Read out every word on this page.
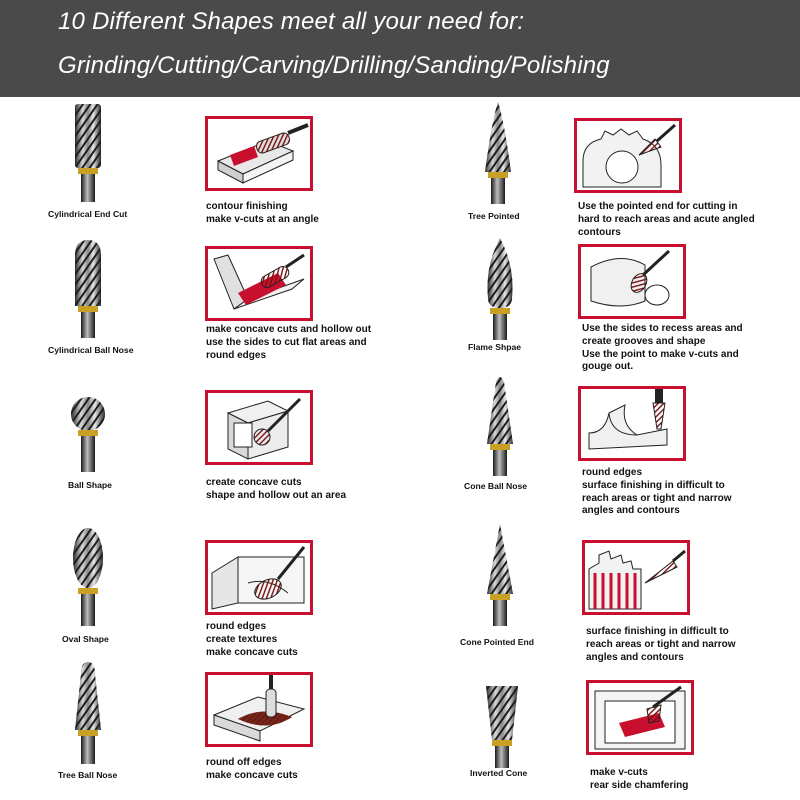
10 Different Shapes meet all your need for:
Grinding/Cutting/Carving/Drilling/Sanding/Polishing
Cylindrical End Cut
contour finishing
make v-cuts at an angle
Cylindrical Ball Nose
make concave cuts and hollow out
use the sides to cut flat areas and
round edges
Ball Shape	create concave cuts
shape and hollow out an area
Oval Shape
round edges
create textures
make concave cuts
Tree Ball Nose
round off edges
make concave cuts
Tree Pointed
Use the pointed end for cutting in
hard to reach areas and acute angled
contours
Flame Shpae
Use the sides to recess areas and
create grooves and shape
Use the point to make v-cuts and
gouge out.
Cone Ball Nose
round edges
surface finishing in difficult to
reach areas or tight and narrow
angles and contours
Cone Pointed End
surface finishing in difficult to
reach areas or tight and narrow
angles and contours
Inverted Cone	make v-cuts
rear side chamfering
